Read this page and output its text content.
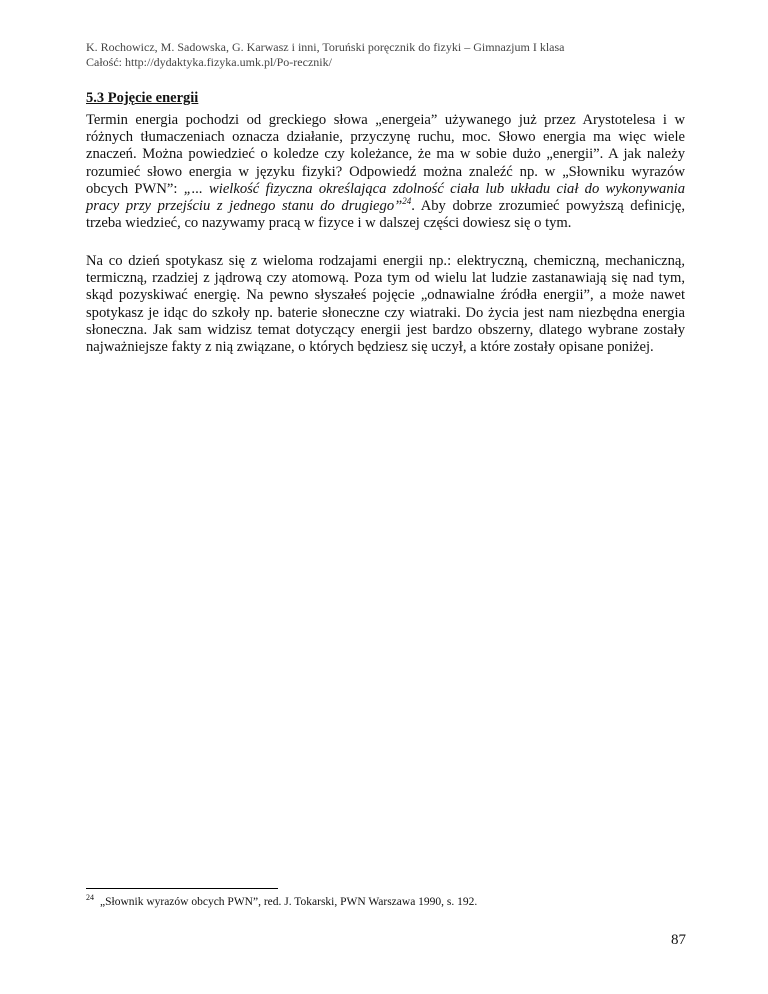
K. Rochowicz, M. Sadowska, G. Karwasz i inni, Toruński poręcznik do fizyki – Gimnazjum I klasa
Całość: http://dydaktyka.fizyka.umk.pl/Po-recznik/
5.3 Pojęcie energii

Termin energia pochodzi od greckiego słowa „energeia” używanego już przez Arystotelesa i w różnych tłumaczeniach oznacza działanie, przyczynę ruchu, moc. Słowo energia ma więc wiele znaczeń. Można powiedzieć o koledze czy koleżance, że ma w sobie dużo „energii”. A jak należy rozumieć słowo energia w języku fizyki? Odpowiedź można znaleźć np. w „Słowniku wyrazów obcych PWN”: „... wielkość fizyczna określająca zdolność ciała lub układu ciał do wykonywania pracy przy przejściu z jednego stanu do drugiego”$^{24}$. Aby dobrze zrozumieć powyższą definicję, trzeba wiedzieć, co nazywamy pracą w fizyce i w dalszej części dowiesz się o tym.

Na co dzień spotykasz się z wieloma rodzajami energii np.: elektryczną, chemiczną, mechaniczną, termiczną, rzadziej z jądrową czy atomową. Poza tym od wielu lat ludzie zastanawiają się nad tym, skąd pozyskiwać energię. Na pewno słyszałeś pojęcie „odnawialne źródła energii”, a może nawet spotykasz je idąc do szkoły np. baterie słoneczne czy wiatraki. Do życia jest nam niezbędna energia słoneczna. Jak sam widzisz temat dotyczący energii jest bardzo obszerny, dlatego wybrane zostały najważniejsze fakty z nią związane, o których będziesz się uczył, a które zostały opisane poniżej.

$^{24}$ „Słownik wyrazów obcych PWN”, red. J. Tokarski, PWN Warszawa 1990, s. 192.
87
